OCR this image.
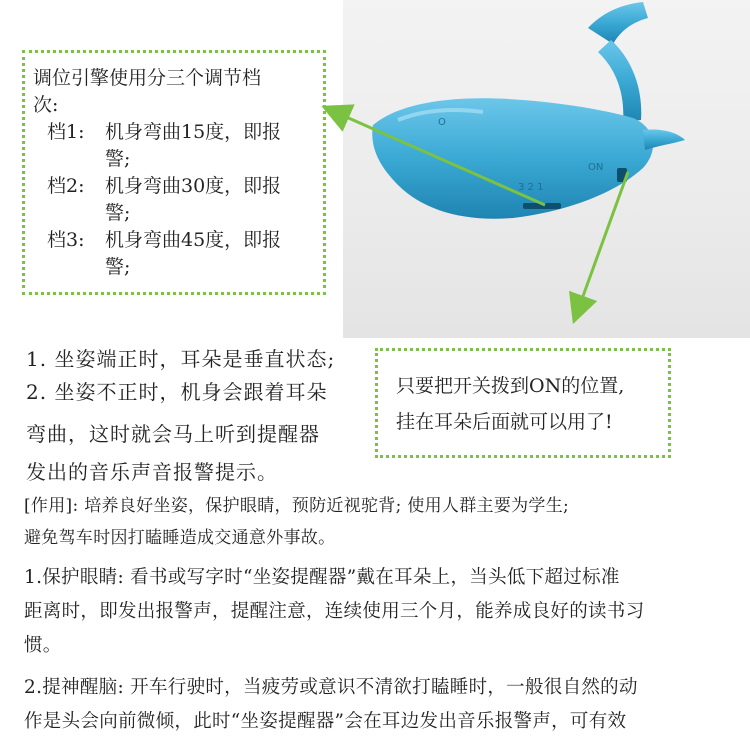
O
3 2 1
ON
调位引擎使用分三个调节档
次:
档1: 机身弯曲15度，即报
警;
档2: 机身弯曲30度，即报
警;
档3: 机身弯曲45度，即报
警;
只要把开关拨到ON的位置,
挂在耳朵后面就可以用了!
1. 坐姿端正时，耳朵是垂直状态;
2. 坐姿不正时，机身会跟着耳朵
弯曲，这时就会马上听到提醒器
发出的音乐声音报警提示。
[作用]: 培养良好坐姿，保护眼睛，预防近视驼背; 使用人群主要为学生;
避免驾车时因打瞌睡造成交通意外事故。
1.保护眼睛: 看书或写字时“坐姿提醒器”戴在耳朵上，当头低下超过标准
距离时，即发出报警声，提醒注意，连续使用三个月，能养成良好的读书习
惯。
2.提神醒脑: 开车行驶时，当疲劳或意识不清欲打瞌睡时，一般很自然的动
作是头会向前微倾，此时“坐姿提醒器”会在耳边发出音乐报警声，可有效
